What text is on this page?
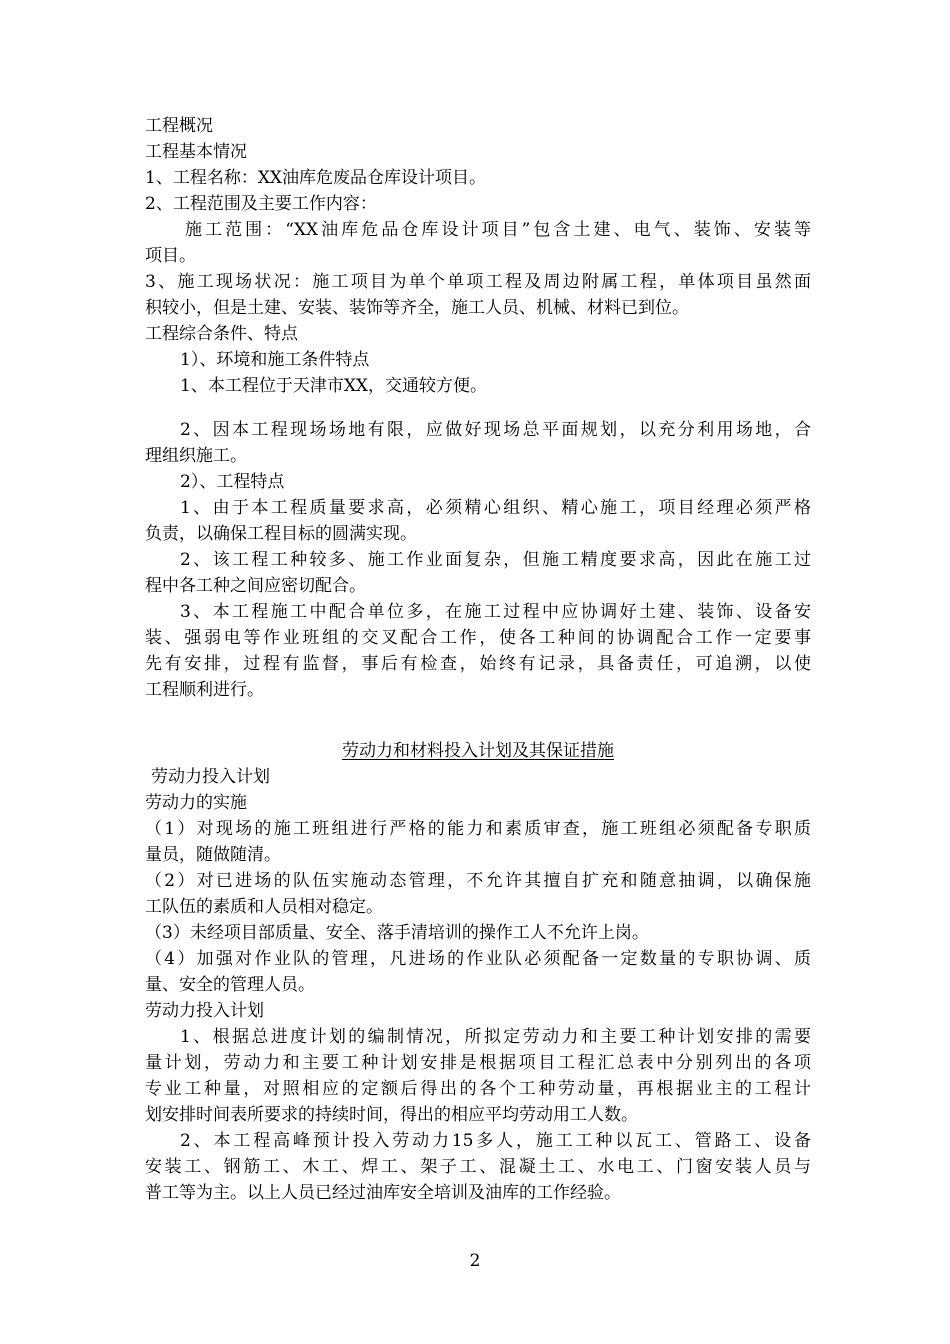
工程概况
工程基本情况
1、工程名称：XX油库危废品仓库设计项目。
2、工程范围及主要工作内容：
施工范围：“XX油库危品仓库设计项目”包含土建、电气、装饰、安装等
项目。
3、施工现场状况：施工项目为单个单项工程及周边附属工程，单体项目虽然面
积较小，但是土建、安装、装饰等齐全，施工人员、机械、材料已到位。
工程综合条件、特点
1）、环境和施工条件特点
1、本工程位于天津市XX，交通较方便。
2、因本工程现场场地有限，应做好现场总平面规划，以充分利用场地，合
理组织施工。
2）、工程特点
1、由于本工程质量要求高，必须精心组织、精心施工，项目经理必须严格
负责，以确保工程目标的圆满实现。
2、该工程工种较多、施工作业面复杂，但施工精度要求高，因此在施工过
程中各工种之间应密切配合。
3、本工程施工中配合单位多，在施工过程中应协调好土建、装饰、设备安
装、强弱电等作业班组的交叉配合工作，使各工种间的协调配合工作一定要事
先有安排，过程有监督，事后有检查，始终有记录，具备责任，可追溯，以使
工程顺利进行。
劳动力和材料投入计划及其保证措施
劳动力投入计划
劳动力的实施
（1）对现场的施工班组进行严格的能力和素质审查，施工班组必须配备专职质
量员，随做随清。
（2）对已进场的队伍实施动态管理，不允许其擅自扩充和随意抽调，以确保施
工队伍的素质和人员相对稳定。
（3）未经项目部质量、安全、落手清培训的操作工人不允许上岗。
（4）加强对作业队的管理，凡进场的作业队必须配备一定数量的专职协调、质
量、安全的管理人员。
劳动力投入计划
1、根据总进度计划的编制情况，所拟定劳动力和主要工种计划安排的需要
量计划，劳动力和主要工种计划安排是根据项目工程汇总表中分别列出的各项
专业工种量，对照相应的定额后得出的各个工种劳动量，再根据业主的工程计
划安排时间表所要求的持续时间，得出的相应平均劳动用工人数。
2、本工程高峰预计投入劳动力15多人，施工工种以瓦工、管路工、设备
安装工、钢筋工、木工、焊工、架子工、混凝土工、水电工、门窗安装人员与
普工等为主。以上人员已经过油库安全培训及油库的工作经验。
2
